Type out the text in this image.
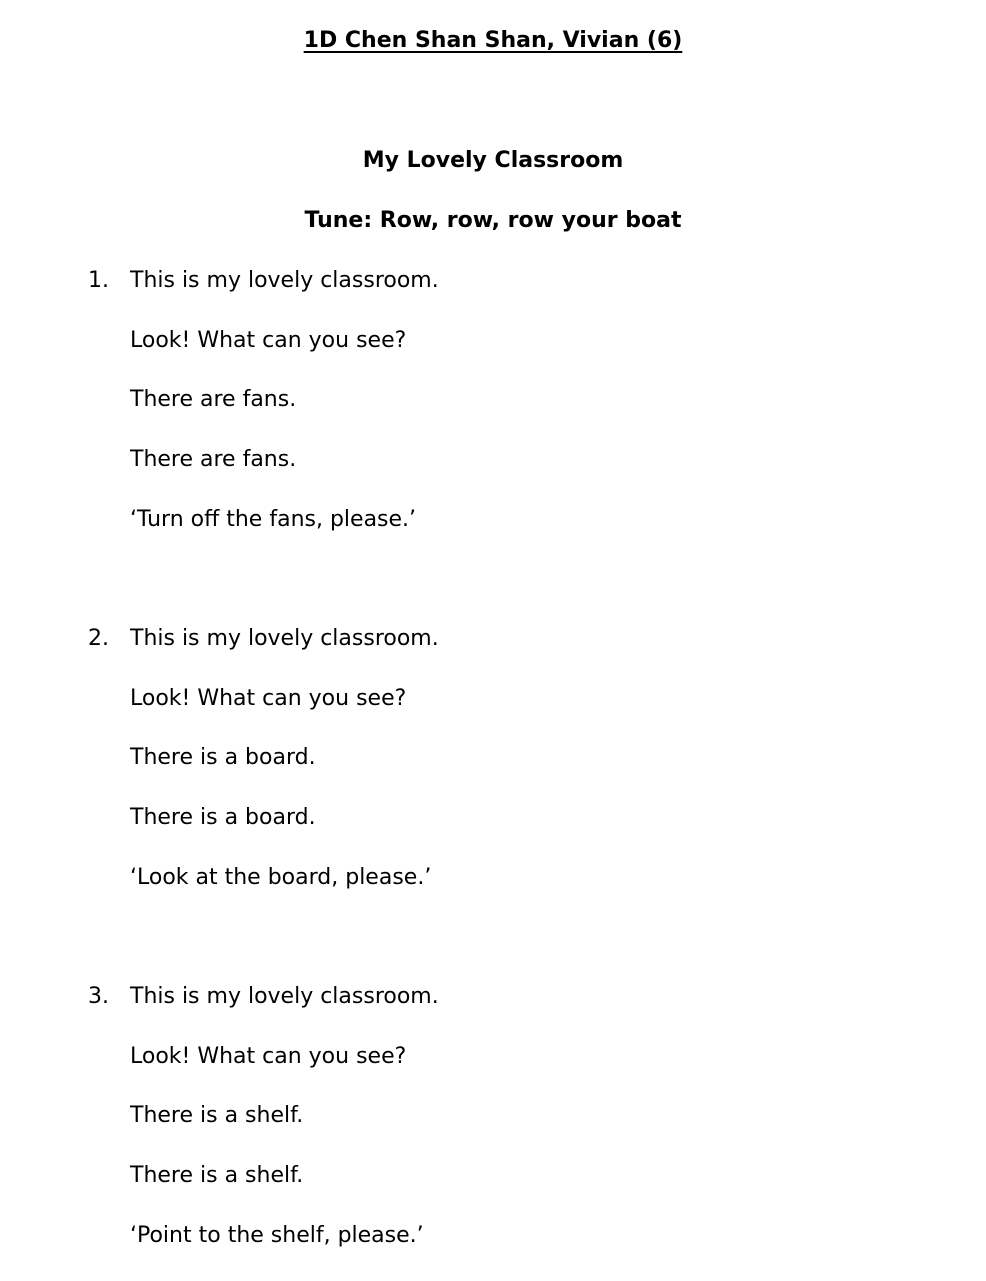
1D Chen Shan Shan, Vivian (6)
My Lovely Classroom
Tune: Row, row, row your boat
1. This is my lovely classroom.
Look! What can you see?
There are fans.
There are fans.
‘Turn off the fans, please.’
2. This is my lovely classroom.
Look! What can you see?
There is a board.
There is a board.
‘Look at the board, please.’
3. This is my lovely classroom.
Look! What can you see?
There is a shelf.
There is a shelf.
‘Point to the shelf, please.’
